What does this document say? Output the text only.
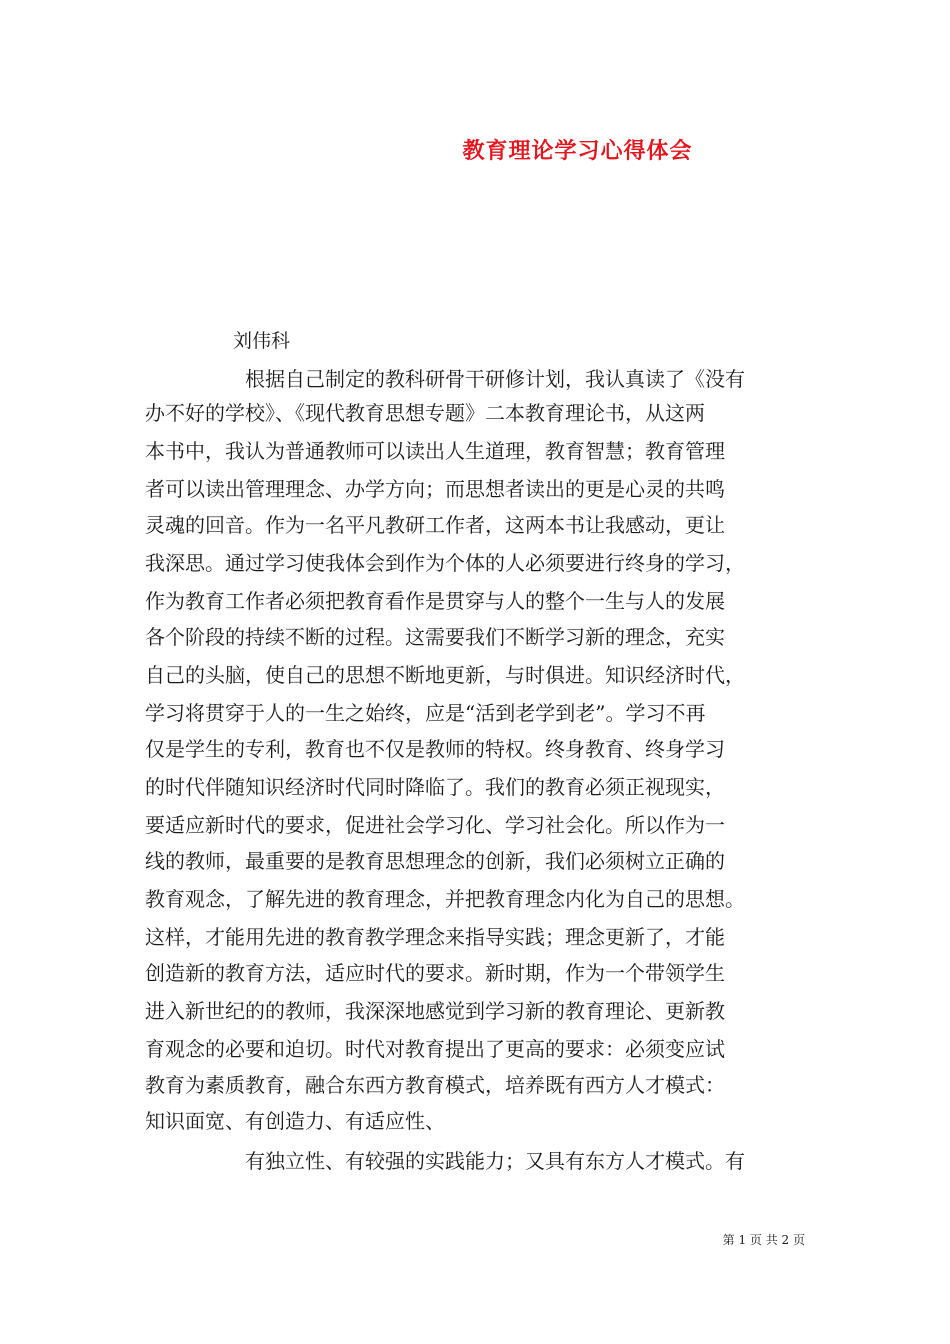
教育理论学习心得体会
刘伟科
根据自己制定的教科研骨干研修计划，我认真读了《没有
办不好的学校》、《现代教育思想专题》二本教育理论书，从这两
本书中，我认为普通教师可以读出人生道理，教育智慧；教育管理
者可以读出管理理念、办学方向；而思想者读出的更是心灵的共鸣
灵魂的回音。作为一名平凡教研工作者，这两本书让我感动，更让
我深思。通过学习使我体会到作为个体的人必须要进行终身的学习，
作为教育工作者必须把教育看作是贯穿与人的整个一生与人的发展
各个阶段的持续不断的过程。这需要我们不断学习新的理念，充实
自己的头脑，使自己的思想不断地更新，与时俱进。知识经济时代，
学习将贯穿于人的一生之始终，应是“活到老学到老”。学习不再
仅是学生的专利，教育也不仅是教师的特权。终身教育、终身学习
的时代伴随知识经济时代同时降临了。我们的教育必须正视现实，
要适应新时代的要求，促进社会学习化、学习社会化。所以作为一
线的教师，最重要的是教育思想理念的创新，我们必须树立正确的
教育观念，了解先进的教育理念，并把教育理念内化为自己的思想。
这样，才能用先进的教育教学理念来指导实践；理念更新了，才能
创造新的教育方法，适应时代的要求。新时期，作为一个带领学生
进入新世纪的的教师，我深深地感觉到学习新的教育理论、更新教
育观念的必要和迫切。时代对教育提出了更高的要求：必须变应试
教育为素质教育，融合东西方教育模式，培养既有西方人才模式：
知识面宽、有创造力、有适应性、
有独立性、有较强的实践能力；又具有东方人才模式。有
第 1 页 共 2 页
